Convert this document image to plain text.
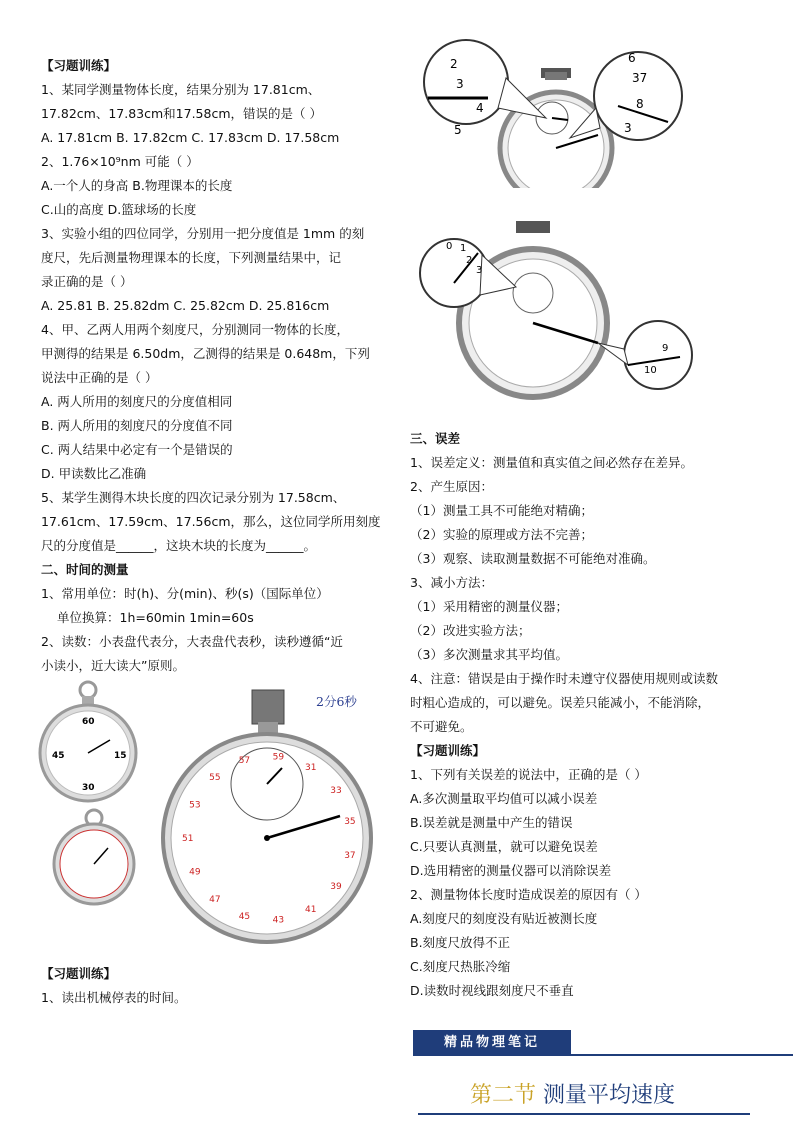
【习题训练】
1、某同学测量物体长度，结果分别为 17.81cm、
17.82cm、17.83cm和17.58cm，错误的是（ ）
A. 17.81cm B. 17.82cm C. 17.83cm D. 17.58cm
2、1.76×10⁹nm 可能（ ）
A.一个人的身高 B.物理课本的长度
C.山的高度 D.篮球场的长度
3、实验小组的四位同学，分别用一把分度值是 1mm 的刻
度尺，先后测量物理课本的长度，下列测量结果中，记
录正确的是（ ）
A. 25.81 B. 25.82dm C. 25.82cm D. 25.816cm
4、甲、乙两人用两个刻度尺，分别测同一物体的长度，
甲测得的结果是 6.50dm，乙测得的结果是 0.648m，下列
说法中正确的是（ ）
A. 两人所用的刻度尺的分度值相同
B. 两人所用的刻度尺的分度值不同
C. 两人结果中必定有一个是错误的
D. 甲读数比乙准确
5、某学生测得木块长度的四次记录分别为 17.58cm、
17.61cm、17.59cm、17.56cm，那么，这位同学所用刻度
尺的分度值是______，这块木块的长度为______。
二、时间的测量
1、常用单位：时(h)、分(min)、秒(s)（国际单位）
单位换算：1h=60min 1min=60s
2、读数：小表盘代表分，大表盘代表秒，读秒遵循“近
小读小，近大读大”原则。
2分6秒
【习题训练】
1、读出机械停表的时间。
三、误差
1、误差定义：测量值和真实值之间必然存在差异。
2、产生原因：
（1）测量工具不可能绝对精确；
（2）实验的原理或方法不完善；
（3）观察、读取测量数据不可能绝对准确。
3、减小方法：
（1）采用精密的测量仪器；
（2）改进实验方法；
（3）多次测量求其平均值。
4、注意：错误是由于操作时未遵守仪器使用规则或读数
时粗心造成的，可以避免。误差只能减小，不能消除，
不可避免。
【习题训练】
1、下列有关误差的说法中，正确的是（ ）
A.多次测量取平均值可以减小误差
B.误差就是测量中产生的错误
C.只要认真测量，就可以避免误差
D.选用精密的测量仪器可以消除误差
2、测量物体长度时造成误差的原因有（ ）
A.刻度尺的刻度没有贴近被测长度
B.刻度尺放得不正
C.刻度尺热胀冷缩
D.读数时视线跟刻度尺不垂直
2
3
4
5
6
37
8
3
0 1
2
3
9
10
60
45	15
30
31
33
35
37
39
41
43
45
47
49
51
53
55
57 59
精品物理笔记
第二节 测量平均速度
